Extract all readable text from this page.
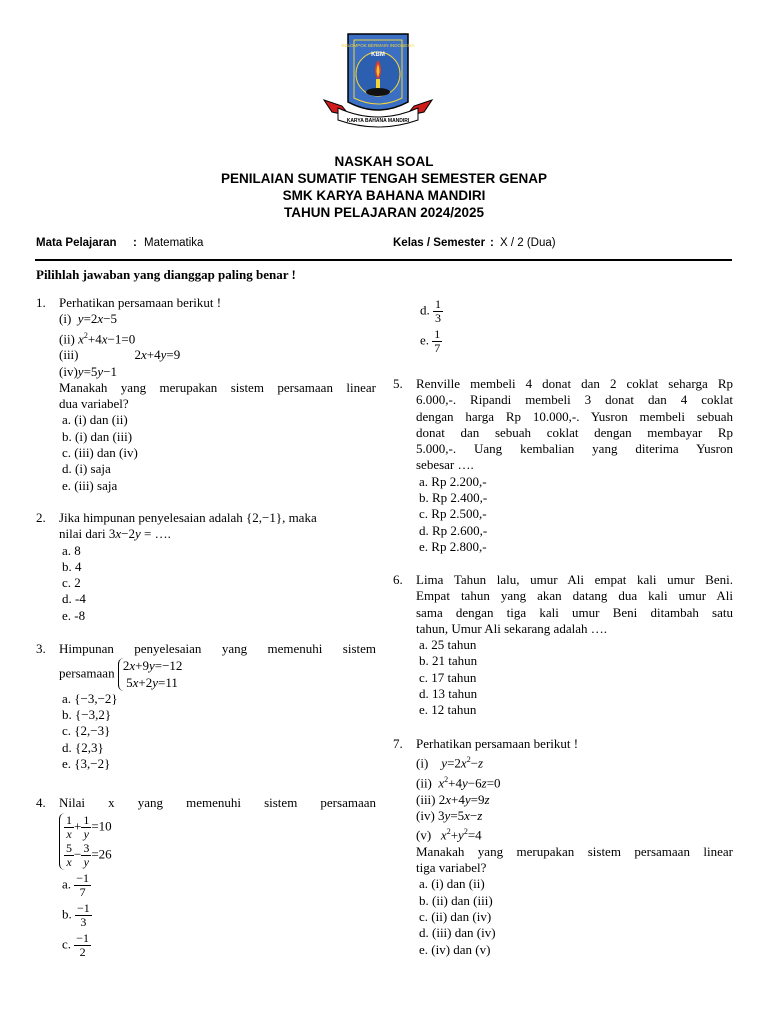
KELOMPOK BERMAIN INDONESIA
KBM
KARYA BAHANA MANDIRI
NASKAH SOAL
PENILAIAN SUMATIF TENGAH SEMESTER GENAP
SMK KARYA BAHANA MANDIRI
TAHUN PELAJARAN 2024/2025
Mata Pelajaran : Matematika	Kelas / Semester : X / 2 (Dua)
Pilihlah jawaban yang dianggap paling benar !
1. Perhatikan persamaan berikut !
(i)  y=2x−5
(ii) $x^2+4x-1=0$
(iii)	2x+4y=9
(iv)y=5y−1
Manakah yang merupakan sistem persamaan linear
dua variabel?
a. (i) dan (ii)
b. (i) dan (iii)
c. (iii) dan (iv)
d. (i) saja
e. (iii) saja
2. Jika himpunan penyelesaian adalah {2,−1}, maka
nilai dari 3x−2y = ….
a. 8
b. 4
c. 2
d. -4
e. -8
3. Himpunan penyelesaian yang memenuhi sistem
persamaan 2x+9y=−12
5x+2y=11
a. {−3,−2}
b. {−3,2}
c. {2,−3}
d. {2,3}
e. {3,−2}
4. Nilai x yang memenuhi sistem persamaan
$\frac{1}{x} + \frac{1}{y} =10$
$\frac{5}{x} - \frac{3}{y} =26$
a. $\frac{-1}{7}$
b. $\frac{-1}{3}$
c. $\frac{-1}{2}$
d. $\frac{1}{3}$
e. $\frac{1}{7}$
5. Renville membeli 4 donat dan 2 coklat seharga Rp
6.000,-. Ripandi membeli 3 donat dan 4 coklat
dengan harga Rp 10.000,-. Yusron membeli sebuah
donat dan sebuah coklat dengan membayar Rp
5.000,-. Uang kembalian yang diterima Yusron
sebesar ….
a. Rp 2.200,-
b. Rp 2.400,-
c. Rp 2.500,-
d. Rp 2.600,-
e. Rp 2.800,-
6. Lima Tahun lalu, umur Ali empat kali umur Beni.
Empat tahun yang akan datang dua kali umur Ali
sama dengan tiga kali umur Beni ditambah satu
tahun, Umur Ali sekarang adalah ….
a. 25 tahun
b. 21 tahun
c. 17 tahun
d. 13 tahun
e. 12 tahun
7. Perhatikan persamaan berikut !
(i) $y=2x^2-z$
(ii) $x^2+4y-6z=0$
(iii) 2x+4y=9z
(iv) 3y=5x−z
(v) $x^2+y^2=4$
Manakah yang merupakan sistem persamaan linear
tiga variabel?
a. (i) dan (ii)
b. (ii) dan (iii)
c. (ii) dan (iv)
d. (iii) dan (iv)
e. (iv) dan (v)
